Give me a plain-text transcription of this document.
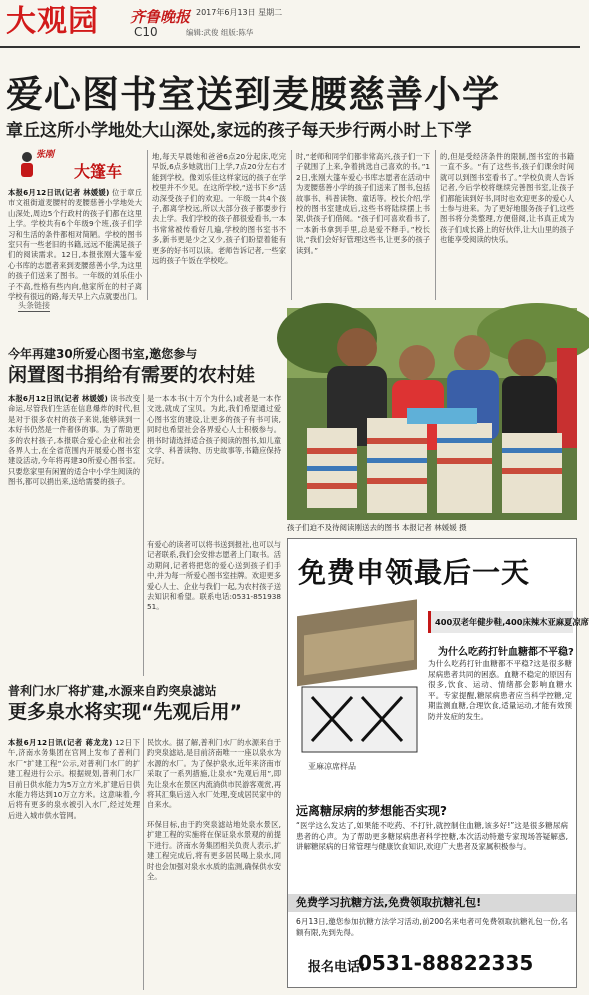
大观园 齐鲁晚报 2017年6月13日 星期二
C10	编辑:武俊 组版:陈华
爱心图书室送到麦腰慈善小学
章丘这所小学地处大山深处,家远的孩子每天步行两小时上下学
张刚
大篷车
本报6月12日讯(记者 林媛媛) 位于章丘市文祖街道麦腰村的麦腰慈善小学地处大山深处,周边5个行政村的孩子们都在这里上学。学校共有6个年级9个班,孩子们学习和生活的条件都相对简陋。学校的图书室只有一些老旧的书籍,远远不能满足孩子们的阅读需求。12日,本报张刚大篷车爱心书库的志愿者来到麦腰慈善小学,为这里的孩子们送来了图书。一年级的刘乐佳小子不高,性格有些内向,他家所在的村子离学校有很远的路,每天早上六点就要出门。
地,每天早晨她和爸爸6点20分起床,吃完早饭,6点多她就出门上学,7点20分左右才能到学校。像刘乐佳这样家远的孩子在学校里并不少见。在这所学校,“送书下乡”活动深受孩子们的欢迎。一年级一共4个孩子,都离学校远,所以大部分孩子都要步行去上学。我们学校的孩子都很爱看书,一本书常常被传看好几遍,学校的图书室书不多,新书更是少之又少,孩子们盼望着能有更多的好书可以读。老师告诉记者,一些家远的孩子午饭在学校吃。
时,“老师和同学们都非常高兴,孩子们一下子就围了上来,争着挑选自己喜欢的书。”12日,张刚大篷车爱心书库志愿者在活动中为麦腰慈善小学的孩子们送来了图书,包括故事书、科普读物、童话等。校长介绍,学校的图书室建成后,这些书将陆续摆上书架,供孩子们借阅。“孩子们可喜欢看书了,一本新书拿到手里,总是爱不释手。”校长说,“我们会好好管理这些书,让更多的孩子读到。”
的,但是受经济条件的限制,图书室的书籍一直不多。“有了这些书,孩子们课余时间就可以到图书室看书了。”学校负责人告诉记者,今后学校将继续完善图书室,让孩子们都能读到好书,同时也欢迎更多的爱心人士参与进来。为了更好地服务孩子们,这些图书将分类整理,方便借阅,让书真正成为孩子们成长路上的好伙伴,让大山里的孩子也能享受阅读的快乐。
头条链接
今年再建30所爱心图书室,邀您参与
闲置图书捐给有需要的农村娃
本报6月12日讯(记者 林媛媛) 读书改变命运,尽管我们生活在信息爆炸的时代,但是对于很多农村的孩子来说,能够读到一本好书仍然是一件奢侈的事。为了帮助更多的农村孩子,本报联合爱心企业和社会各界人士,在全省范围内开展爱心图书室建设活动,今年将再建30所爱心图书室。只要您家里有闲置的适合中小学生阅读的图书,都可以捐出来,送给需要的孩子。
是一本本书(十万个为什么)或者是一本作文选,就成了宝贝。为此,我们希望通过爱心图书室的建设,让更多的孩子有书可读,同时也希望社会各界爱心人士积极参与。捐书时请选择适合孩子阅读的图书,如儿童文学、科普读物、历史故事等,书籍应保持完好。
有爱心的读者可以将书送到报社,也可以与记者联系,我们会安排志愿者上门取书。活动期间,记者将把您的爱心送到孩子们手中,并为每一所爱心图书室挂牌。欢迎更多爱心人士、企业与我们一起,为农村孩子送去知识和希望。联系电话:0531-85193851。
孩子们迫不及待阅读刚送去的图书 本报记者 林媛媛 摄
普利门水厂将扩建,水源来自趵突泉滤站
更多泉水将实现“先观后用”
本报6月12日讯(记者 蒋龙龙) 12日下午,济南水务集团在官网上发布了普利门水厂“扩建工程”公示,对普利门水厂的扩建工程进行公示。根据规划,普利门水厂目前日供水能力为5万立方米,扩建后日供水能力将达到10万立方米。这意味着,今后将有更多的泉水被引入水厂,经过处理后进入城市供水管网。
民饮水。据了解,普利门水厂的水源来自于趵突泉滤站,是目前济南唯一一座以泉水为水源的水厂。为了保护泉水,近年来济南市采取了一系列措施,让泉水“先观后用”,即先让泉水在景区内流淌供市民游客观赏,再将其汇集后送入水厂处理,变成居民家中的自来水。
环保目标,由于趵突泉滤站地处泉水景区,扩建工程的实施将在保证泉水景观的前提下进行。济南水务集团相关负责人表示,扩建工程完成后,将有更多居民喝上泉水,同时也会加强对泉水水质的监测,确保供水安全。
免费申领最后一天
亚麻凉席样品
400双老年健步鞋,400床辣木亚麻夏凉席
为什么吃药打针血糖都不平稳?
为什么吃药打针血糖都不平稳?这是很多糖尿病患者共同的困惑。血糖不稳定的原因有很多,饮食、运动、情绪都会影响血糖水平。专家提醒,糖尿病患者应当科学控糖,定期监测血糖,合理饮食,适量运动,才能有效预防并发症的发生。
远离糖尿病的梦想能否实现?
“医学这么发达了,如果能不吃药、不打针,就控制住血糖,该多好!”这是很多糖尿病患者的心声。为了帮助更多糖尿病患者科学控糖,本次活动特邀专家现场答疑解惑,讲解糖尿病的日常管理与健康饮食知识,欢迎广大患者及家属积极参与。
免费学习抗糖方法,免费领取抗糖礼包!
6月13日,邀您参加抗糖方法学习活动,前200名来电者可免费领取抗糖礼包一份,名额有限,先到先得。
报名电话:
0531-88822335
